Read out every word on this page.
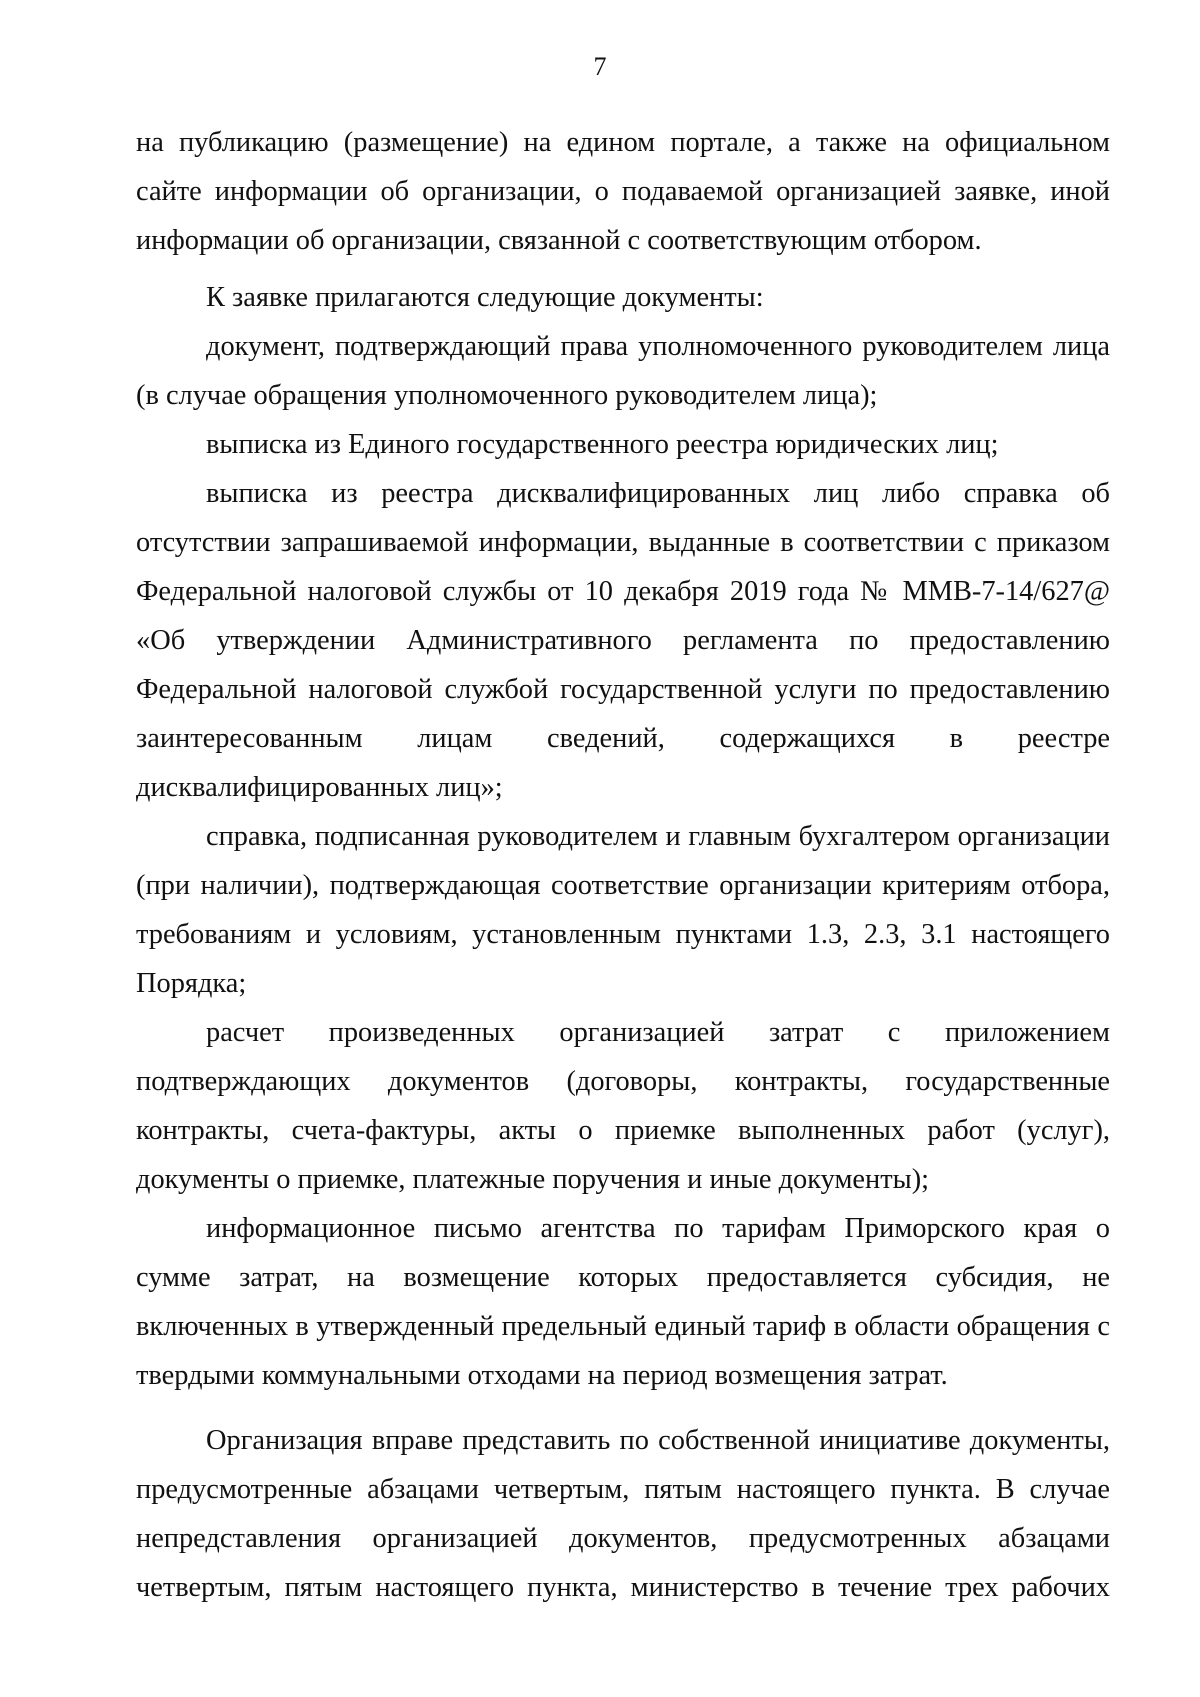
7

на публикацию (размещение) на едином портале, а также на официальном сайте информации об организации, о подаваемой организацией заявке, иной информации об организации, связанной с соответствующим отбором.

К заявке прилагаются следующие документы:

документ, подтверждающий права уполномоченного руководителем лица (в случае обращения уполномоченного руководителем лица);

выписка из Единого государственного реестра юридических лиц;

выписка из реестра дисквалифицированных лиц либо справка об отсутствии запрашиваемой информации, выданные в соответствии с приказом Федеральной налоговой службы от 10 декабря 2019 года № ММВ-7-14/627@ «Об утверждении Административного регламента по предоставлению Федеральной налоговой службой государственной услуги по предоставлению заинтересованным лицам сведений, содержащихся в реестре дисквалифицированных лиц»;

справка, подписанная руководителем и главным бухгалтером организации (при наличии), подтверждающая соответствие организации критериям отбора, требованиям и условиям, установленным пунктами 1.3, 2.3, 3.1 настоящего Порядка;

расчет произведенных организацией затрат с приложением подтверждающих документов (договоры, контракты, государственные контракты, счета-фактуры, акты о приемке выполненных работ (услуг), документы о приемке, платежные поручения и иные документы);

информационное письмо агентства по тарифам Приморского края о сумме затрат, на возмещение которых предоставляется субсидия, не включенных в утвержденный предельный единый тариф в области обращения с твердыми коммунальными отходами на период возмещения затрат.

Организация вправе представить по собственной инициативе документы, предусмотренные абзацами четвертым, пятым настоящего пункта. В случае непредставления организацией документов, предусмотренных абзацами четвертым, пятым настоящего пункта, министерство в течение трех рабочих
